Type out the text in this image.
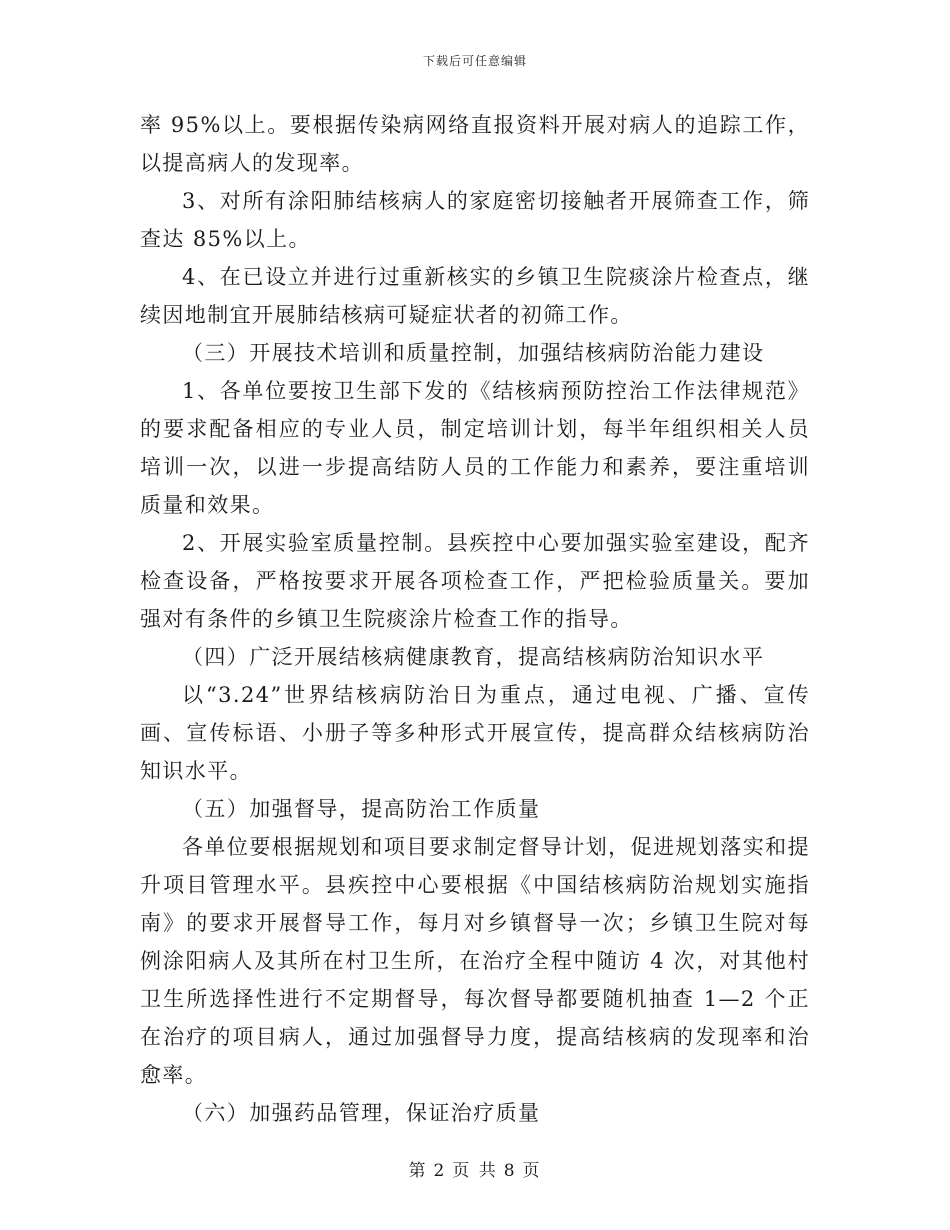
下载后可任意编辑

率 95%以上。要根据传染病网络直报资料开展对病人的追踪工作，以提高病人的发现率。

3、对所有涂阳肺结核病人的家庭密切接触者开展筛查工作，筛查达 85%以上。

4、在已设立并进行过重新核实的乡镇卫生院痰涂片检查点，继续因地制宜开展肺结核病可疑症状者的初筛工作。

（三）开展技术培训和质量控制，加强结核病防治能力建设

1、各单位要按卫生部下发的《结核病预防控治工作法律规范》的要求配备相应的专业人员，制定培训计划，每半年组织相关人员培训一次，以进一步提高结防人员的工作能力和素养，要注重培训质量和效果。

2、开展实验室质量控制。县疾控中心要加强实验室建设，配齐检查设备，严格按要求开展各项检查工作，严把检验质量关。要加强对有条件的乡镇卫生院痰涂片检查工作的指导。

（四）广泛开展结核病健康教育，提高结核病防治知识水平

以“3.24”世界结核病防治日为重点，通过电视、广播、宣传画、宣传标语、小册子等多种形式开展宣传，提高群众结核病防治知识水平。

（五）加强督导，提高防治工作质量

各单位要根据规划和项目要求制定督导计划，促进规划落实和提升项目管理水平。县疾控中心要根据《中国结核病防治规划实施指南》的要求开展督导工作，每月对乡镇督导一次；乡镇卫生院对每例涂阳病人及其所在村卫生所，在治疗全程中随访 4 次，对其他村卫生所选择性进行不定期督导，每次督导都要随机抽查 1—2 个正在治疗的项目病人，通过加强督导力度，提高结核病的发现率和治愈率。

（六）加强药品管理，保证治疗质量

第 2 页 共 8 页
